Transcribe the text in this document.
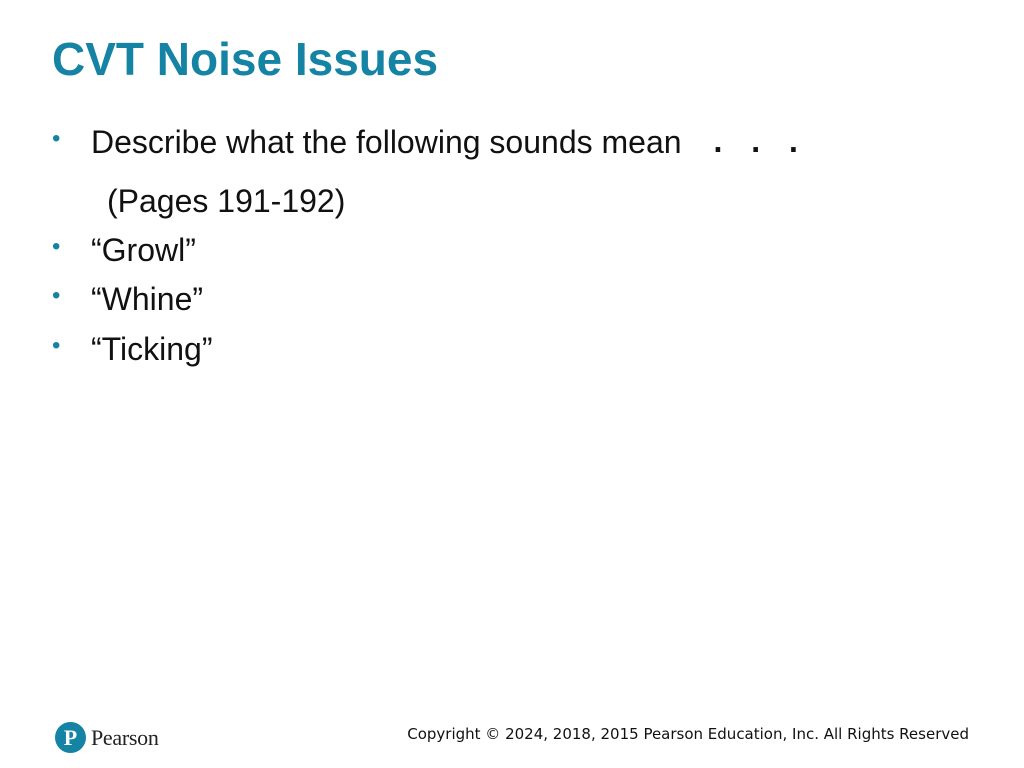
CVT Noise Issues
• Describe what the following sounds mean . . .
(Pages 191-192)
• “Growl”
• “Whine”
• “Ticking”
P Pearson	Copyright © 2024, 2018, 2015 Pearson Education, Inc. All Rights Reserved
